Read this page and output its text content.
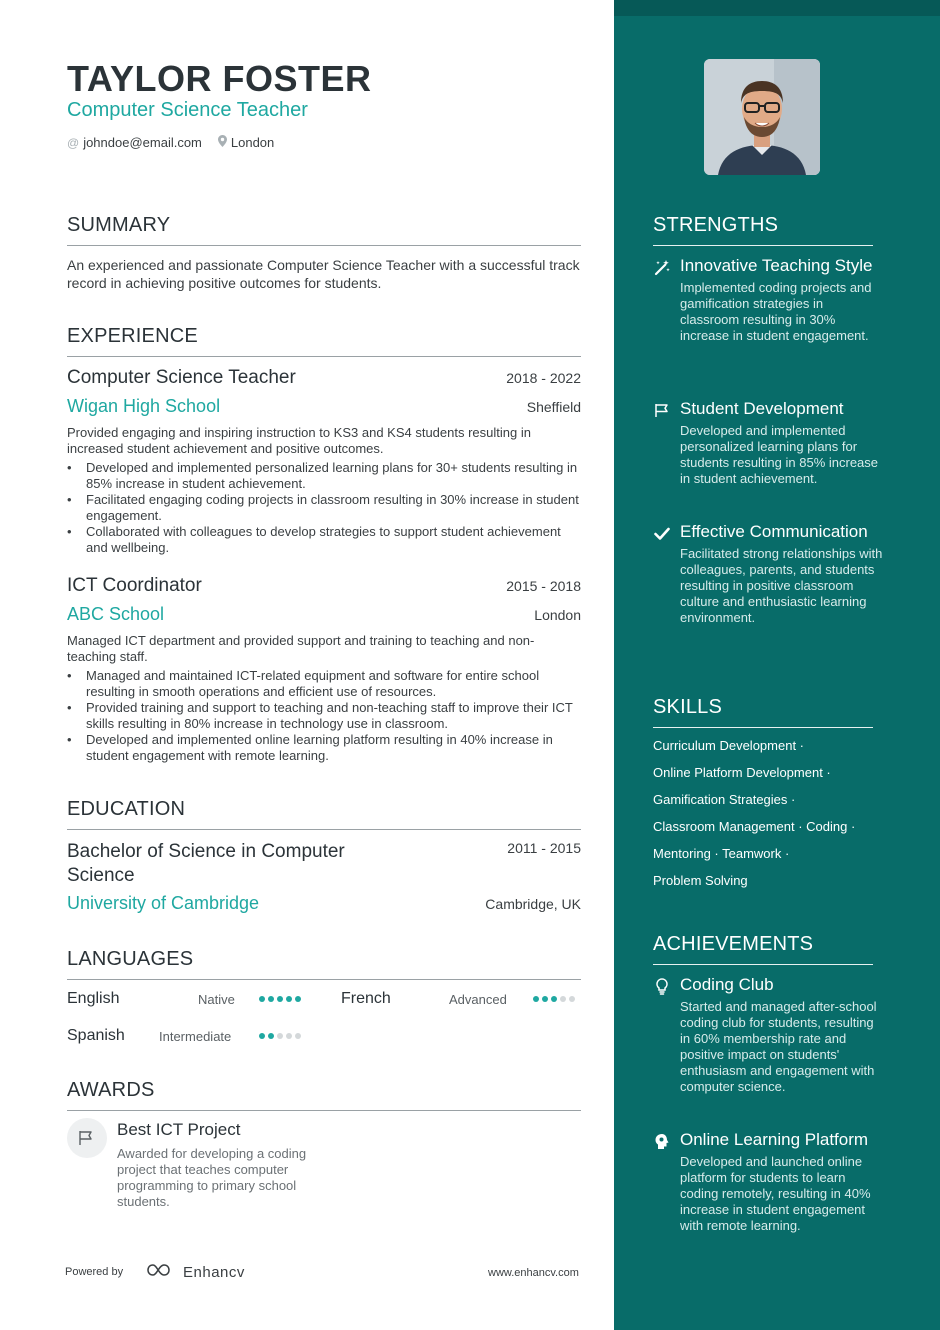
TAYLOR FOSTER
Computer Science Teacher
@ johndoe@email.com London
SUMMARY
An experienced and passionate Computer Science Teacher with a successful track record in achieving positive outcomes for students.
EXPERIENCE
Computer Science Teacher	2018 - 2022
Wigan High School	Sheffield
Provided engaging and inspiring instruction to KS3 and KS4 students resulting in increased student achievement and positive outcomes.
• Developed and implemented personalized learning plans for 30+ students resulting in 85% increase in student achievement.
• Facilitated engaging coding projects in classroom resulting in 30% increase in student engagement.
• Collaborated with colleagues to develop strategies to support student achievement and wellbeing.
ICT Coordinator	2015 - 2018
ABC School	London
Managed ICT department and provided support and training to teaching and non-teaching staff.
• Managed and maintained ICT-related equipment and software for entire school resulting in smooth operations and efficient use of resources.
• Provided training and support to teaching and non-teaching staff to improve their ICT skills resulting in 80% increase in technology use in classroom.
• Developed and implemented online learning platform resulting in 40% increase in student engagement with remote learning.
EDUCATION
Bachelor of Science in Computer Science
2011 - 2015
University of Cambridge	Cambridge, UK
LANGUAGES
English	Native	French	Advanced
Spanish	Intermediate
AWARDS
Best ICT Project
Awarded for developing a coding project that teaches computer programming to primary school students.
Powered by	Enhancv	www.enhancv.com
STRENGTHS
Innovative Teaching Style
Implemented coding projects and gamification strategies in classroom resulting in 30% increase in student engagement.
Student Development
Developed and implemented personalized learning plans for students resulting in 85% increase in student achievement.
Effective Communication
Facilitated strong relationships with colleagues, parents, and students resulting in positive classroom culture and enthusiastic learning environment.
SKILLS
Curriculum Development ·
Online Platform Development ·
Gamification Strategies ·
Classroom Management · Coding ·
Mentoring · Teamwork ·
Problem Solving
ACHIEVEMENTS
Coding Club
Started and managed after-school coding club for students, resulting in 60% membership rate and positive impact on students' enthusiasm and engagement with computer science.
Online Learning Platform
Developed and launched online platform for students to learn coding remotely, resulting in 40% increase in student engagement with remote learning.
